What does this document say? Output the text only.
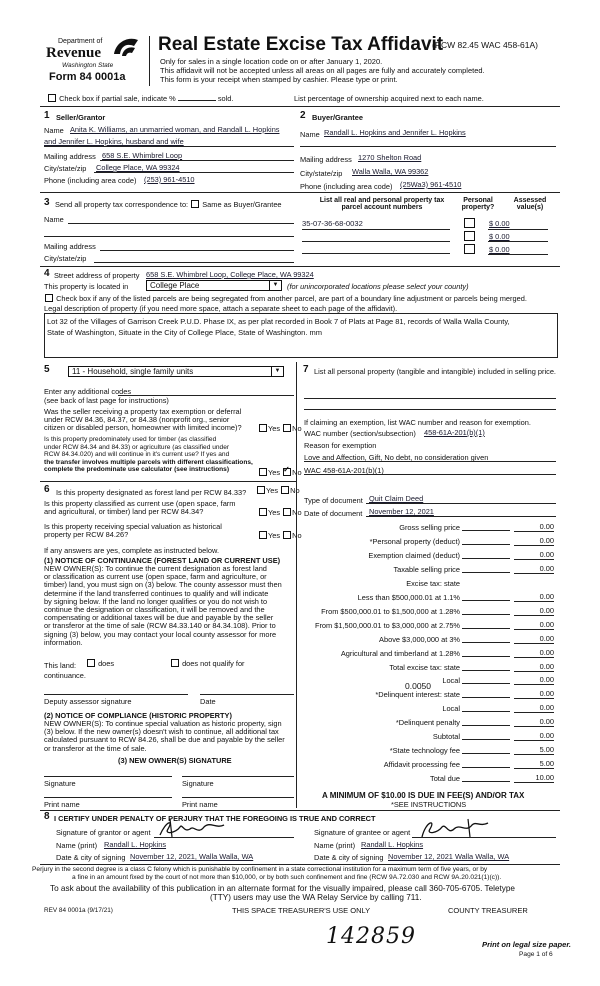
Department of
Revenue
Washington State
Form 84 0001a
Real Estate Excise Tax Affidavit
(RCW 82.45 WAC 458-61A)
Only for sales in a single location code on or after January 1, 2020.
This affidavit will not be accepted unless all areas on all pages are fully and accurately completed.
This form is your receipt when stamped by cashier. Please type or print.
Check box if partial sale, indicate %	sold.	List percentage of ownership acquired next to each name.
1 Seller/Grantor
Name Anita K. Williams, an unmarried woman, and Randall L. Hopkins
and Jennifer L. Hopkins, husband and wife
Mailing address 658 S.E. Whimbrel Loop
City/state/zip College Place, WA 99324
Phone (including area code) (253) 961-4510
2 Buyer/Grantee
Name Randall L. Hopkins and Jennifer L. Hopkins
Mailing address 1270 Shelton Road
City/state/zip Walla Walla, WA 99362
Phone (including area code) (25Wa3) 961-4510
3 Send all property tax correspondence to: Same as Buyer/Grantee
Name
Mailing address
City/state/zip
List all real and personal property tax parcel account numbers
Personal property?
Assessed value(s)
35-07-36-68-0032	$ 0.00
$ 0.00
$ 0.00
4 Street address of property 658 S.E. Whimbrel Loop, College Place, WA 99324
This property is located in	College Place	▼	(for unincorporated locations please select your county)
Check box if any of the listed parcels are being segregated from another parcel, are part of a boundary line adjustment or parcels being merged.
Legal description of property (if you need more space, attach a separate sheet to each page of the affidavit).
Lot 32 of the Villages of Garrison Creek P.U.D. Phase IX, as per plat recorded in Book 7 of Plats at Page 81, records of Walla Walla County,
State of Washington, Situate in the City of College Place, State of Washington. mm
5	11 - Household, single family units	▼
Enter any additional codes
(see back of last page for instructions)
Was the seller receiving a property tax exemption or deferral
under RCW 84.36, 84.37, or 84.38 (nonprofit org., senior
citizen or disabled person, homeowner with limited income)?	Yes No
Is this property predominately used for timber (as classified
under RCW 84.34 and 84.33) or agriculture (as classified under
RCW 84.34.020) and will continue in it's current use? If yes and
the transfer involves multiple parcels with different classifications,
complete the predominate use calculator (see instructions)	Yes ✓ No
6 Is this property designated as forest land per RCW 84.33?	Yes No
Is this property classified as current use (open space, farm
and agricultural, or timber) land per RCW 84.34?	Yes No
Is this property receiving special valuation as historical
property per RCW 84.26?	Yes No
If any answers are yes, complete as instructed below.
(1) NOTICE OF CONTINUANCE (FOREST LAND OR CURRENT USE)
NEW OWNER(S): To continue the current designation as forest land
or classification as current use (open space, farm and agriculture, or
timber) land, you must sign on (3) below. The county assessor must then
determine if the land transferred continues to qualify and will indicate
by signing below. If the land no longer qualifies or you do not wish to
continue the designation or classification, it will be removed and the
compensating or additional taxes will be due and payable by the seller
or transferor at the time of sale (RCW 84.33.140 or 84.34.108). Prior to
signing (3) below, you may contact your local county assessor for more
information.
This land:	does	does not qualify for
continuance.
Deputy assessor signature	Date
(2) NOTICE OF COMPLIANCE (HISTORIC PROPERTY)
NEW OWNER(S): To continue special valuation as historic property, sign
(3) below. If the new owner(s) doesn't wish to continue, all additional tax
calculated pursuant to RCW 84.26, shall be due and payable by the seller
or transferor at the time of sale.
(3) NEW OWNER(S) SIGNATURE
Signature	Signature
Print name	Print name
7 List all personal property (tangible and intangible) included in selling price.
If claiming an exemption, list WAC number and reason for exemption.
WAC number (section/subsection) 458-61A-201(b)(1)
Reason for exemption
Love and Affection, Gift, No debt, no consideration given
WAC 458-61A-201(b)(1)
Type of document Quit Claim Deed
Date of document November 12, 2021
Gross selling price	0.00
*Personal property (deduct)	0.00
Exemption claimed (deduct)	0.00
Taxable selling price	0.00
Excise tax: state
Less than $500,000.01 at 1.1%	0.00
From $500,000.01 to $1,500,000 at 1.28%	0.00
From $1,500,000.01 to $3,000,000 at 2.75%	0.00
Above $3,000,000 at 3%	0.00
Agricultural and timberland at 1.28%	0.00
Total excise tax: state	0.00
Local	0.00
*Delinquent interest: state	0.00
Local	0.00
*Delinquent penalty	0.00
Subtotal	0.00
*State technology fee	5.00
Affidavit processing fee	5.00
Total due	10.00
0.0050
A MINIMUM OF $10.00 IS DUE IN FEE(S) AND/OR TAX
*SEE INSTRUCTIONS
8 I CERTIFY UNDER PENALTY OF PERJURY THAT THE FOREGOING IS TRUE AND CORRECT
Signature of grantor or agent
Name (print) Randall L. Hopkins
Date & city of signing November 12, 2021, Walla Walla, WA
Signature of grantee or agent
Name (print) Randall L. Hopkins
Date & city of signing November 12, 2021 Walla Walla, WA
Perjury in the second degree is a class C felony which is punishable by confinement in a state correctional institution for a maximum term of five years, or by
a fine in an amount fixed by the court of not more than $10,000, or by both such confinement and fine (RCW 9A.72.030 and RCW 9A.20.021(1)(c)).
To ask about the availability of this publication in an alternate format for the visually impaired, please call 360-705-6705. Teletype
(TTY) users may use the WA Relay Service by calling 711.
REV 84 0001a (9/17/21)	THIS SPACE TREASURER'S USE ONLY	COUNTY TREASURER
142859	Print on legal size paper.
Page 1 of 6
